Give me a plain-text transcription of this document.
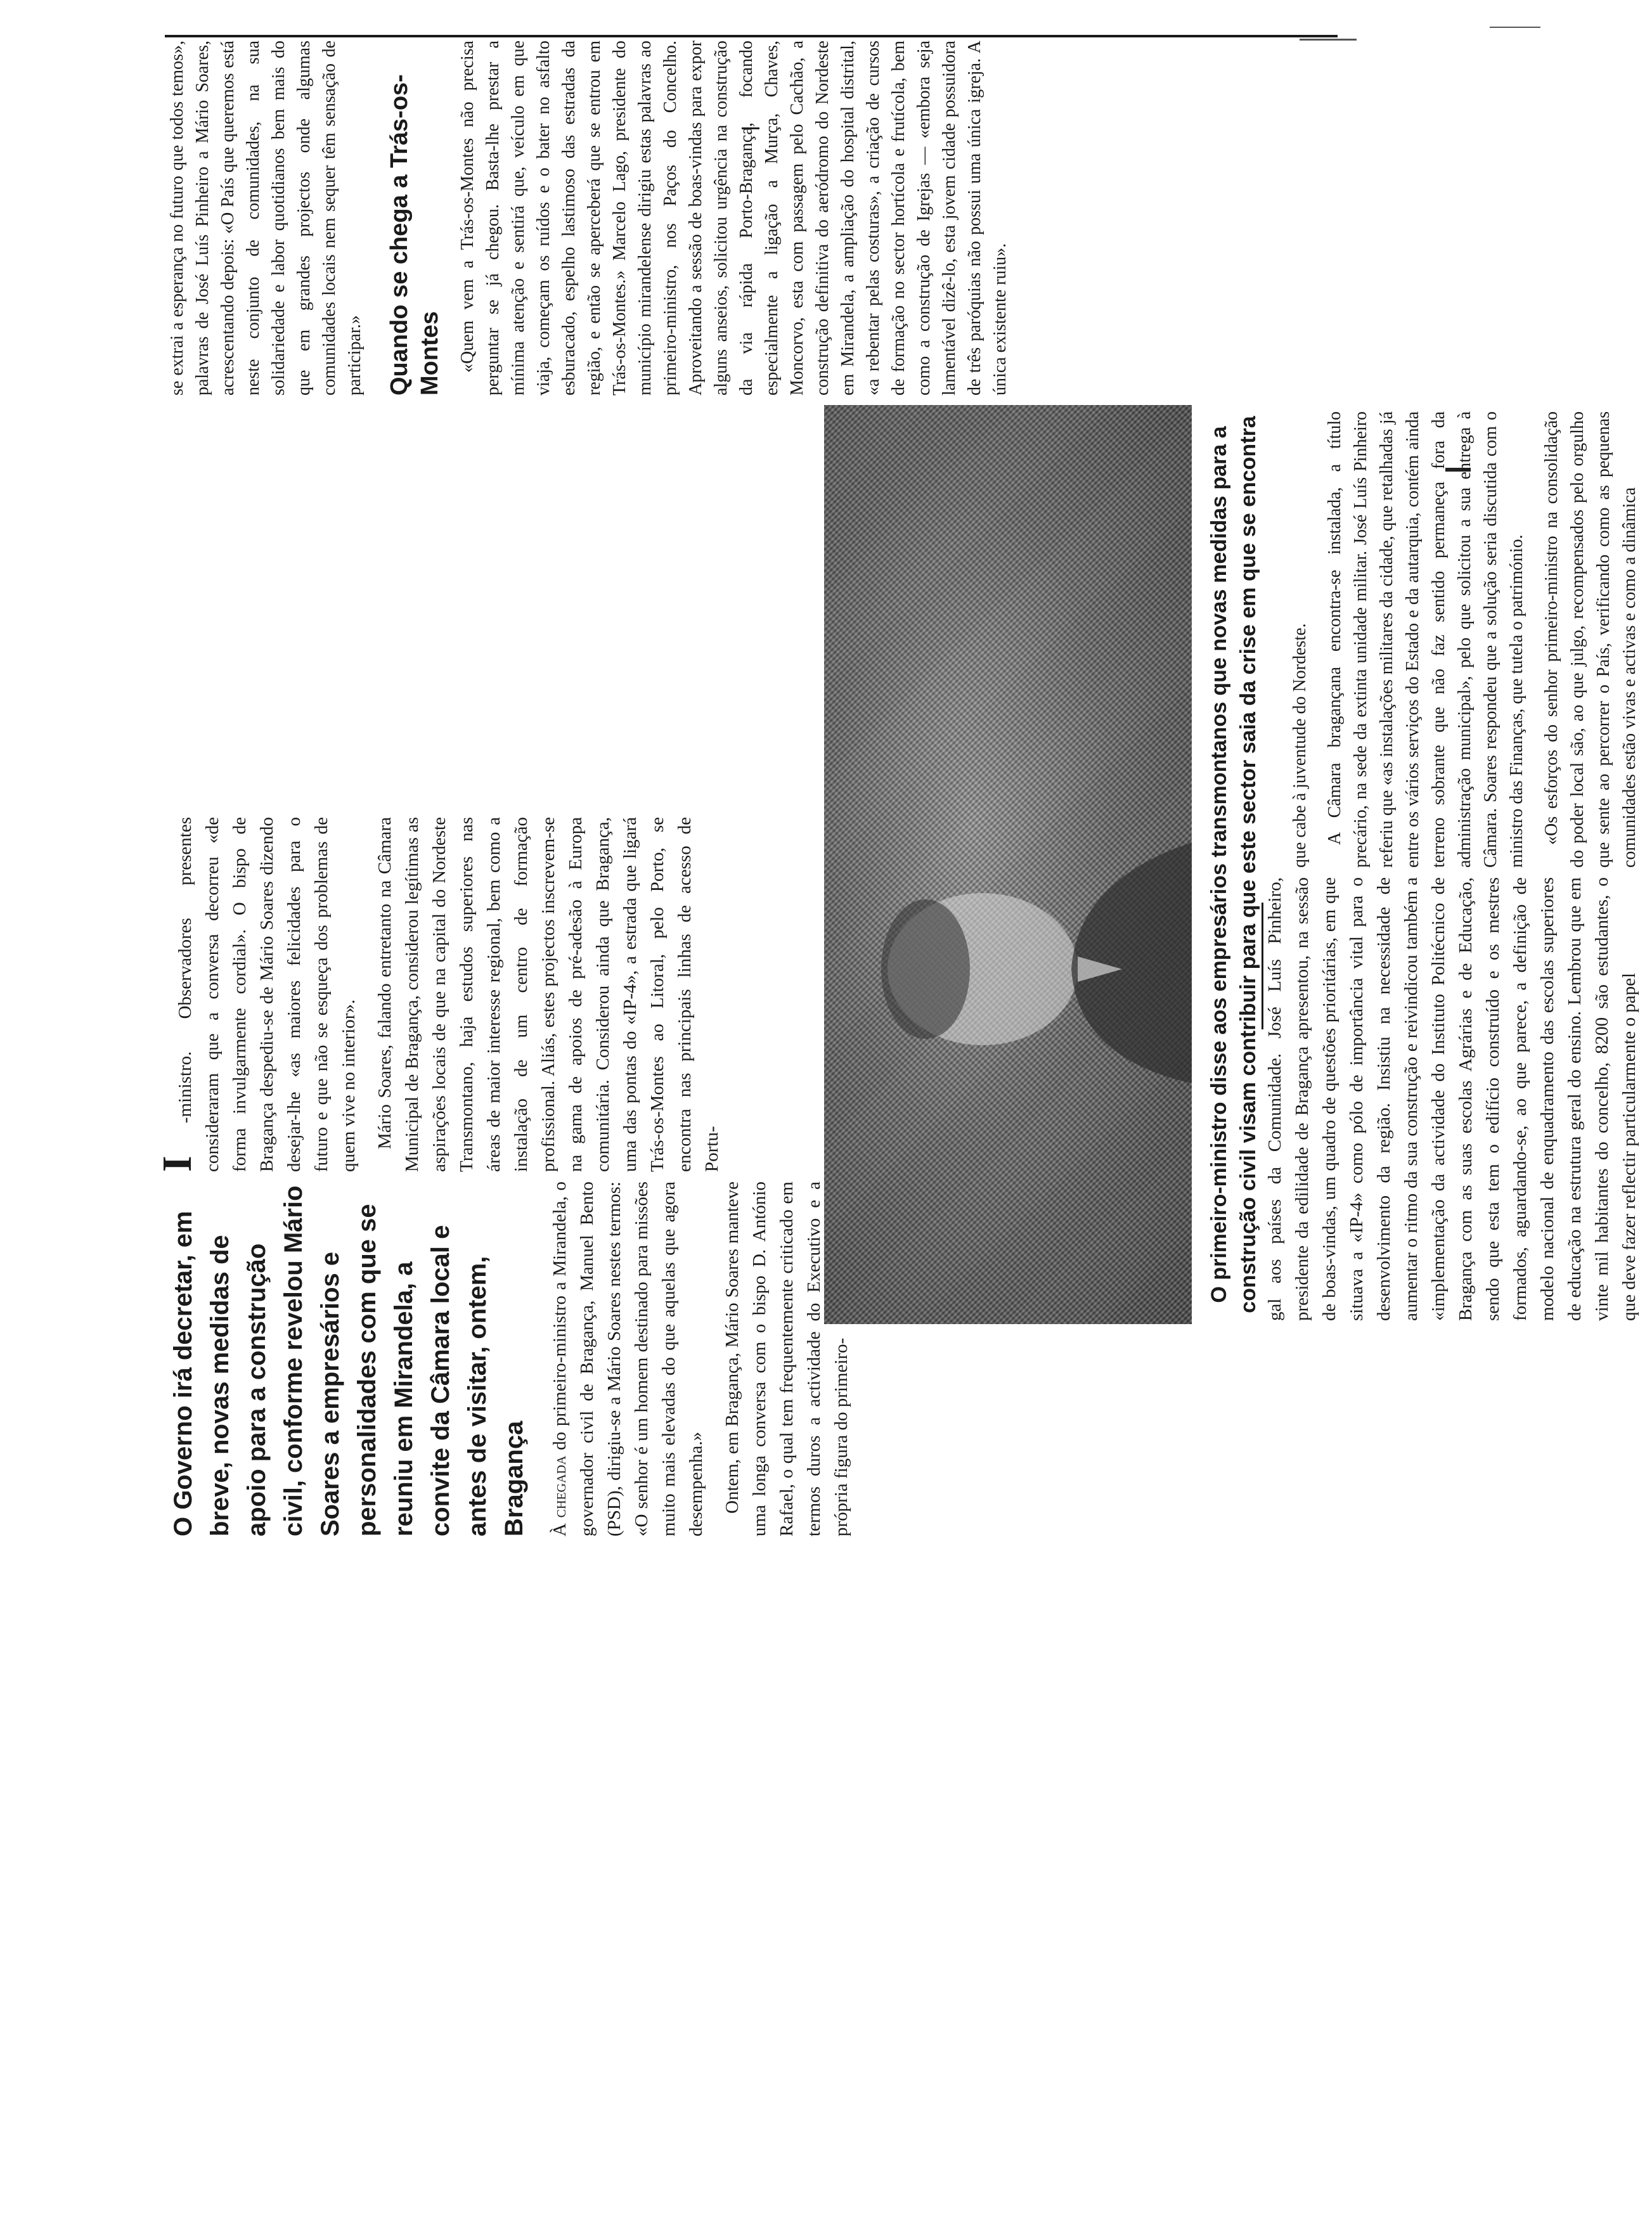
O Governo irá decretar, em breve, novas medidas de apoio para a construção civil, conforme revelou Mário Soares a empresários e personalidades com que se reuniu em Mirandela, a convite da Câmara local e antes de visitar, ontem, Bragança À chegada do primeiro-ministro a Mirandela, o governador civil de Bragança, Manuel Bento (PSD), dirigiu-se a Mário Soares nestes termos: «O senhor é um homem destinado para missões muito mais elevadas do que aquelas que agora desempenha.» Ontem, em Bragança, Mário Soares manteve uma longa conversa com o bispo D. António Rafael, o qual tem frequentemente criticado em termos duros a actividade do Executivo e a própria figura do primeiro-

I -ministro. Observadores presentes consideraram que a conversa decorreu «de forma invulgarmente cordial». O bispo de Bragança despediu-se de Mário Soares dizendo desejar-lhe «as maiores felicidades para o futuro e que não se esqueça dos problemas de quem vive no interior». Mário Soares, falando entretanto na Câmara Municipal de Bragança, considerou legítimas as aspirações locais de que na capital do Nordeste Transmontano, haja estudos superiores nas áreas de maior interesse regional, bem como a instalação de um centro de formação profissional. Aliás, estes projectos inscrevem-se na gama de apoios de pré-adesão à Europa comunitária. Considerou ainda que Bragança, uma das pontas do «IP-4», a estrada que ligará Trás-os-Montes ao Litoral, pelo Porto, se encontra nas principais linhas de acesso de Portu-	gal aos países da Comunidade. José Luís Pinheiro, presidente da edilidade de Bragança apresentou, na sessão de boas-vindas, um quadro de questões prioritárias, em que situava a «IP-4» como pólo de importância vital para o desenvolvimento da região. Insistiu na necessidade de aumentar o ritmo da sua construção e reivindicou também a «implementação da actividade do Instituto Politécnico de Bragança com as suas escolas Agrárias e de Educação, sendo que esta tem o edifício construído e os mestres formados, aguardando-se, ao que parece, a definição de modelo nacional de enquadramento das escolas superiores de educação na estrutura geral do ensino. Lembrou que em vinte mil habitantes do concelho, 8200 são estudantes, o que deve fazer reflectir particularmente o papel

O primeiro-ministro disse aos empresários transmontanos que novas medidas para a construção civil visam contribuir para que este sector saia da crise em que se encontra que cabe à juventude do Nordeste. A Câmara bragançana encontra-se instalada, a título precário, na sede da extinta unidade militar. José Luís Pinheiro referiu que «as instalações militares da cidade, que retalhadas já entre os vários serviços do Estado e da autarquia, contém ainda terreno sobrante que não faz sentido permaneça fora da administração municipal», pelo que solicitou a sua entrega à Câmara. Soares respondeu que a solução seria discutida com o ministro das Finanças, que tutela o património. «Os esforços do senhor primeiro-ministro na consolidação do poder local são, ao que julgo, recompensados pelo orgulho que sente ao percorrer o País, verificando como as pequenas comunidades estão vivas e activas e como a dinâmica

se extrai a esperança no futuro que todos temos», palavras de José Luís Pinheiro a Mário Soares, acrescentando depois: «O País que queremos está neste conjunto de comunidades, na sua solidariedade e labor quotidianos bem mais do que em grandes projectos onde algumas comunidades locais nem sequer têm sensação de participar.» Quando se chega a Trás-os-Montes «Quem vem a Trás-os-Montes não precisa perguntar se já chegou. Basta-lhe prestar a mínima atenção e sentirá que, veículo em que viaja, começam os ruídos e o bater no asfalto esburacado, espelho lastimoso das estradas da região, e então se aperceberá que se entrou em Trás-os-Montes.» Marcelo Lago, presidente do município mirandelense dirigiu estas palavras ao primeiro-ministro, nos Paços do Concelho. Aproveitando a sessão de boas-vindas para expor alguns anseios, solicitou urgência na construção da via rápida Porto-Bragança, focando especialmente a ligação a Murça, Chaves, Moncorvo, esta com passagem pelo Cachão, a construção definitiva do aeródromo do Nordeste em Mirandela, a ampliação do hospital distrital, «a rebentar pelas costuras», a criação de cursos de formação no sector hortícola e frutícola, bem como a construção de Igrejas — «embora seja lamentável dizê-lo, esta jovem cidade possuidora de três paróquias não possui uma única igreja. A única existente ruiu».
